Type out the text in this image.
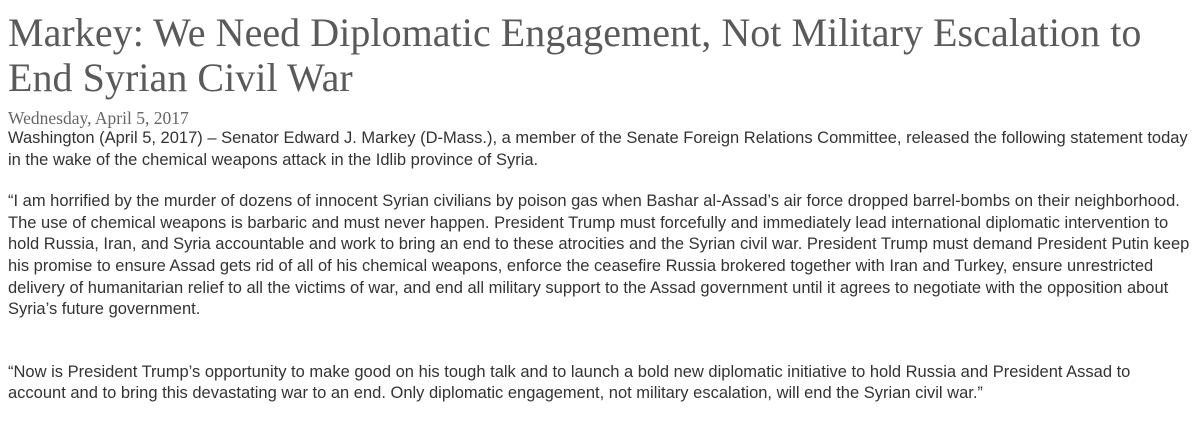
Markey: We Need Diplomatic Engagement, Not Military Escalation to End Syrian Civil War
Wednesday, April 5, 2017

Washington (April 5, 2017) – Senator Edward J. Markey (D-Mass.), a member of the Senate Foreign Relations Committee, released the following statement today in the wake of the chemical weapons attack in the Idlib province of Syria.

“I am horrified by the murder of dozens of innocent Syrian civilians by poison gas when Bashar al-Assad’s air force dropped barrel-bombs on their neighborhood. The use of chemical weapons is barbaric and must never happen. President Trump must forcefully and immediately lead international diplomatic intervention to hold Russia, Iran, and Syria accountable and work to bring an end to these atrocities and the Syrian civil war. President Trump must demand President Putin keep his promise to ensure Assad gets rid of all of his chemical weapons, enforce the ceasefire Russia brokered together with Iran and Turkey, ensure unrestricted delivery of humanitarian relief to all the victims of war, and end all military support to the Assad government until it agrees to negotiate with the opposition about Syria’s future government.

“Now is President Trump’s opportunity to make good on his tough talk and to launch a bold new diplomatic initiative to hold Russia and President Assad to account and to bring this devastating war to an end. Only diplomatic engagement, not military escalation, will end the Syrian civil war.”
